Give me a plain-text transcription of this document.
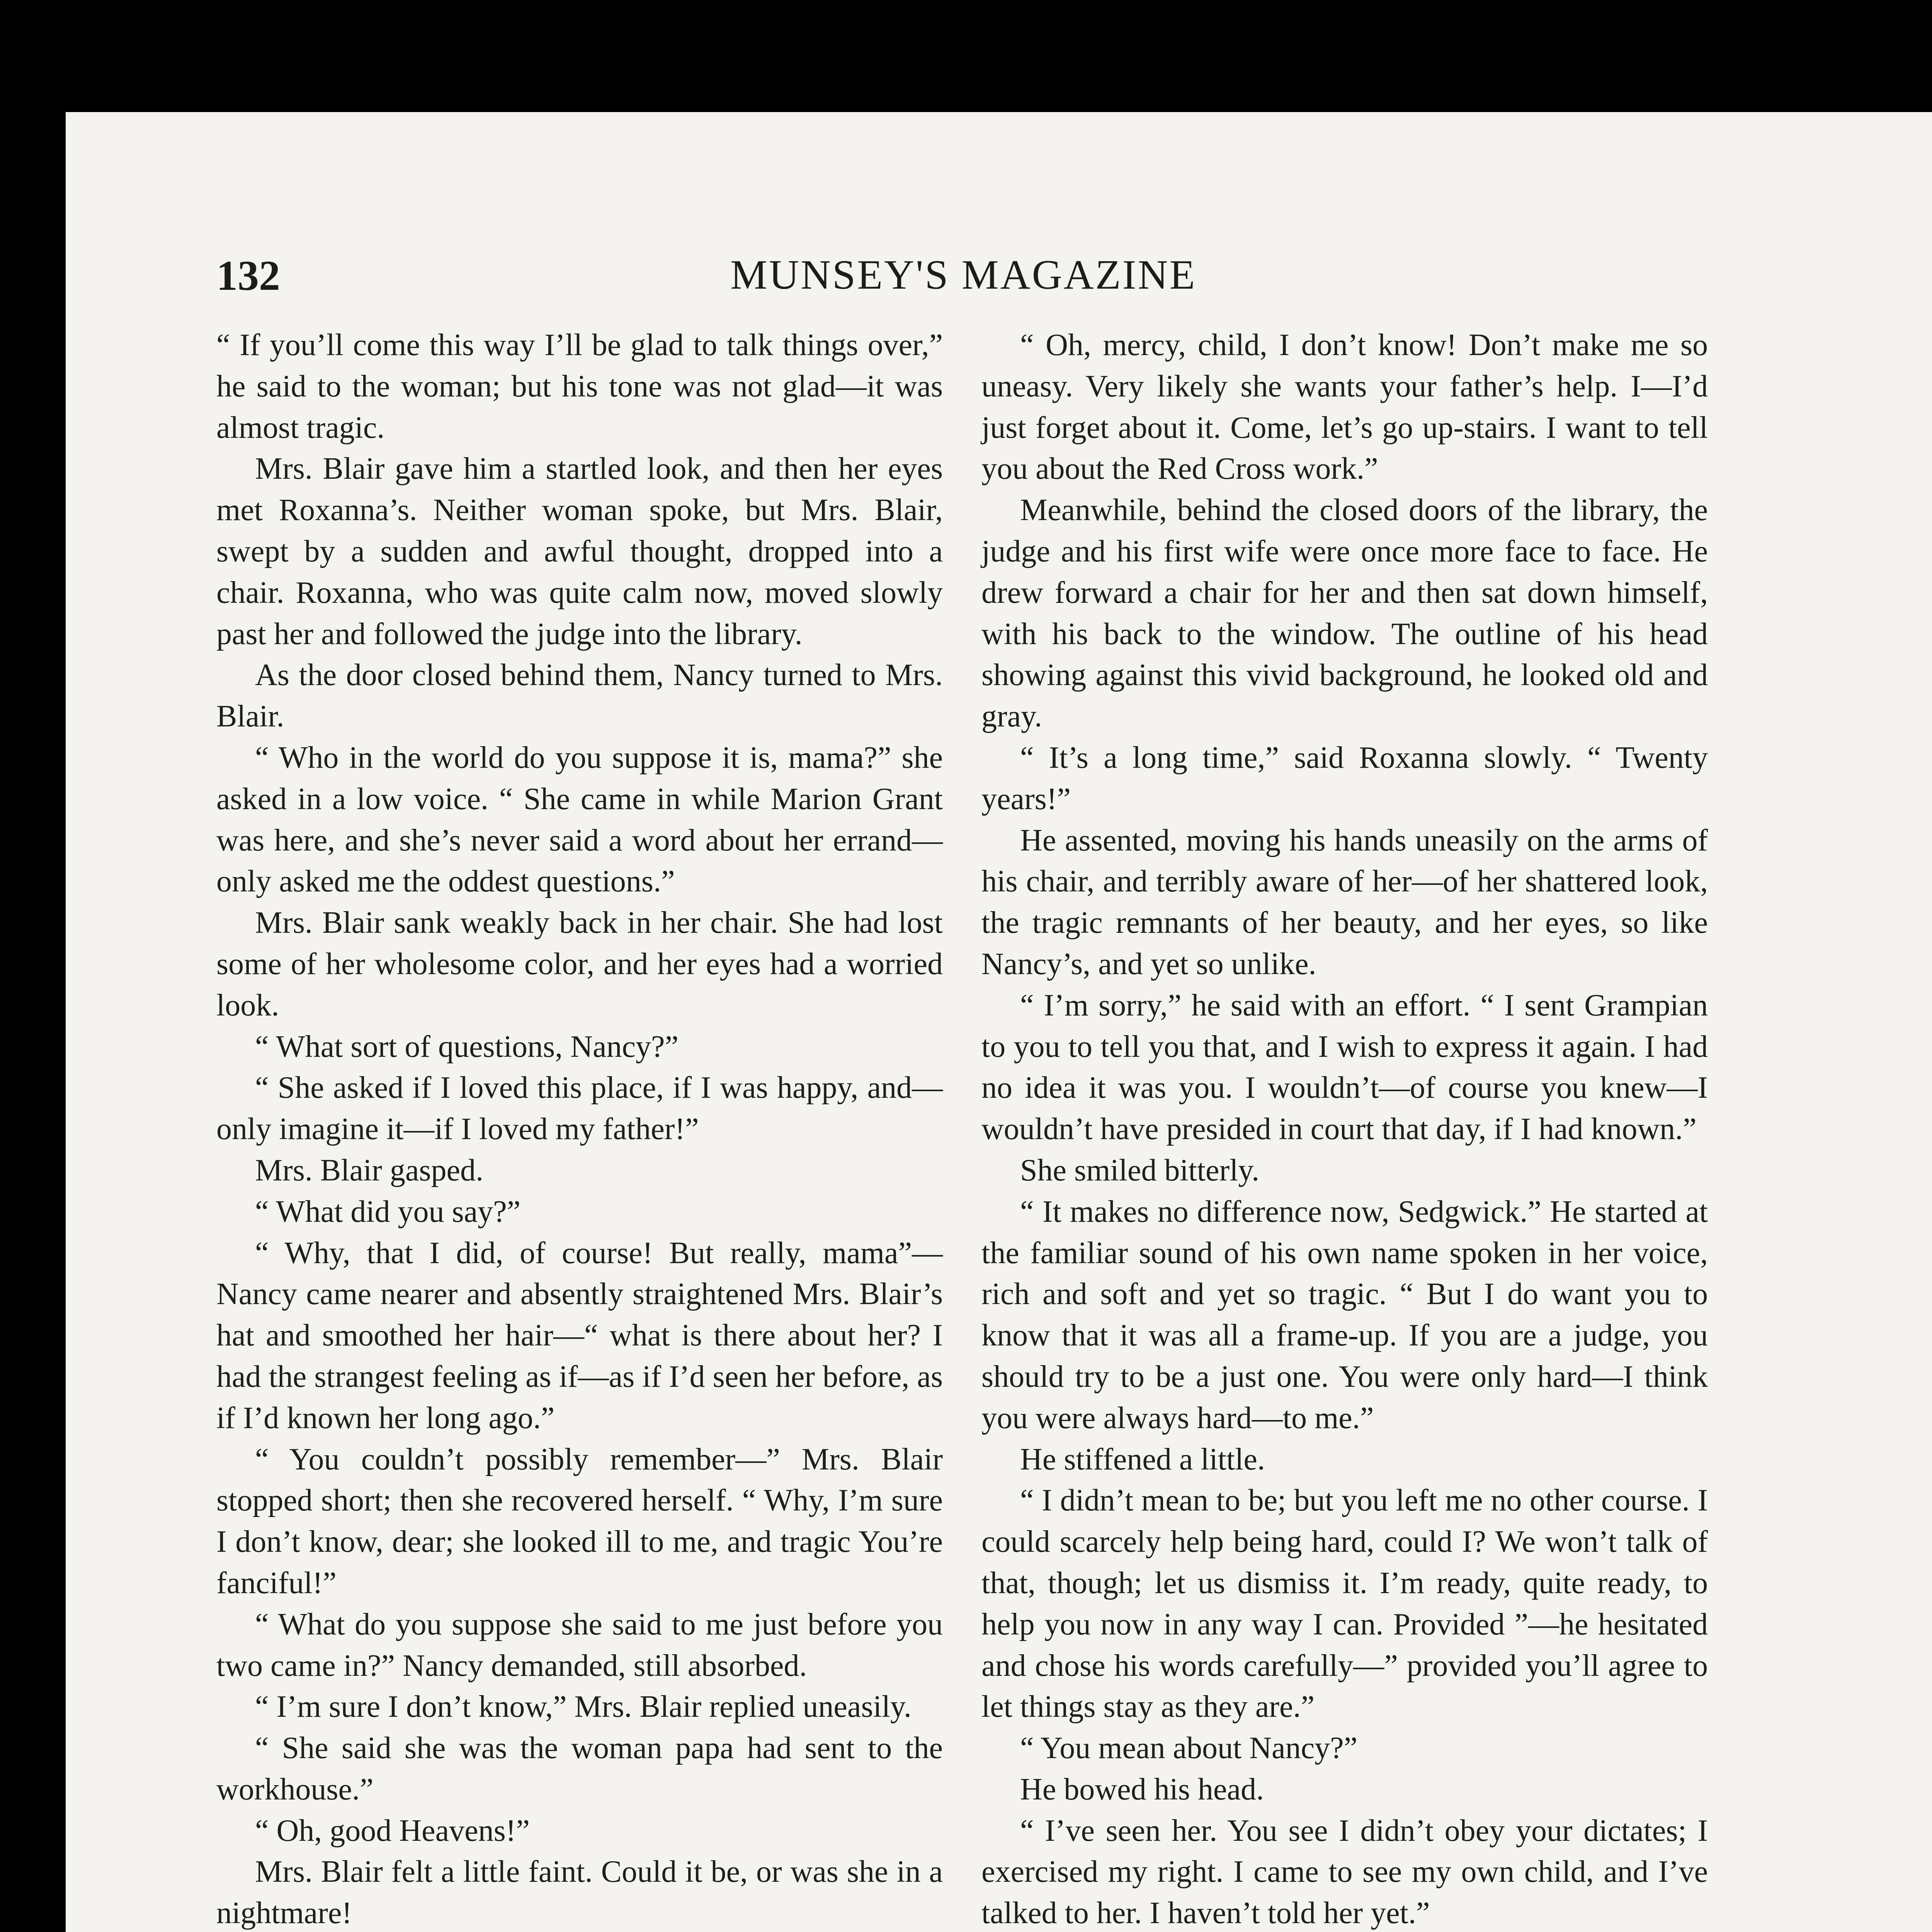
132	MUNSEY'S MAGAZINE

“ If you’ll come this way I’ll be glad to talk things over,” he said to the woman; but his tone was not glad—it was almost tragic.

Mrs. Blair gave him a startled look, and then her eyes met Roxanna’s. Neither woman spoke, but Mrs. Blair, swept by a sudden and awful thought, dropped into a chair. Roxanna, who was quite calm now, moved slowly past her and followed the judge into the library.

As the door closed behind them, Nancy turned to Mrs. Blair.

“ Who in the world do you suppose it is, mama?” she asked in a low voice. “ She came in while Marion Grant was here, and she’s never said a word about her errand—only asked me the oddest questions.”

Mrs. Blair sank weakly back in her chair. She had lost some of her wholesome color, and her eyes had a worried look.

“ What sort of questions, Nancy?”

“ She asked if I loved this place, if I was happy, and—only imagine it—if I loved my father!”

Mrs. Blair gasped.

“ What did you say?”

“ Why, that I did, of course! But really, mama”—Nancy came nearer and absently straightened Mrs. Blair’s hat and smoothed her hair—“ what is there about her? I had the strangest feeling as if—as if I’d seen her before, as if I’d known her long ago.”

“ You couldn’t possibly remember—” Mrs. Blair stopped short; then she recovered herself. “ Why, I’m sure I don’t know, dear; she looked ill to me, and tragic You’re fanciful!”

“ What do you suppose she said to me just before you two came in?” Nancy demanded, still absorbed.

“ I’m sure I don’t know,” Mrs. Blair replied uneasily.

“ She said she was the woman papa had sent to the workhouse.”

“ Oh, good Heavens!”

Mrs. Blair felt a little faint. Could it be, or was she in a nightmare!

“ Oh, mercy, child, I don’t know! Don’t make me so uneasy. Very likely she wants your father’s help. I—I’d just forget about it. Come, let’s go up-stairs. I want to tell you about the Red Cross work.”

Meanwhile, behind the closed doors of the library, the judge and his first wife were once more face to face. He drew forward a chair for her and then sat down himself, with his back to the window. The outline of his head showing against this vivid background, he looked old and gray.

“ It’s a long time,” said Roxanna slowly. “ Twenty years!”

He assented, moving his hands uneasily on the arms of his chair, and terribly aware of her—of her shattered look, the tragic remnants of her beauty, and her eyes, so like Nancy’s, and yet so unlike.

“ I’m sorry,” he said with an effort. “ I sent Grampian to you to tell you that, and I wish to express it again. I had no idea it was you. I wouldn’t—of course you knew—I wouldn’t have presided in court that day, if I had known.”

She smiled bitterly.

“ It makes no difference now, Sedgwick.” He started at the familiar sound of his own name spoken in her voice, rich and soft and yet so tragic. “ But I do want you to know that it was all a frame-up. If you are a judge, you should try to be a just one. You were only hard—I think you were always hard—to me.”

He stiffened a little.

“ I didn’t mean to be; but you left me no other course. I could scarcely help being hard, could I? We won’t talk of that, though; let us dismiss it. I’m ready, quite ready, to help you now in any way I can. Provided ”—he hesitated and chose his words carefully—” provided you’ll agree to let things stay as they are.”

“ You mean about Nancy?”

He bowed his head.

“ I’ve seen her. You see I didn’t obey your dictates; I exercised my right. I came to see my own child, and I’ve talked to her. I haven’t told her yet.”
